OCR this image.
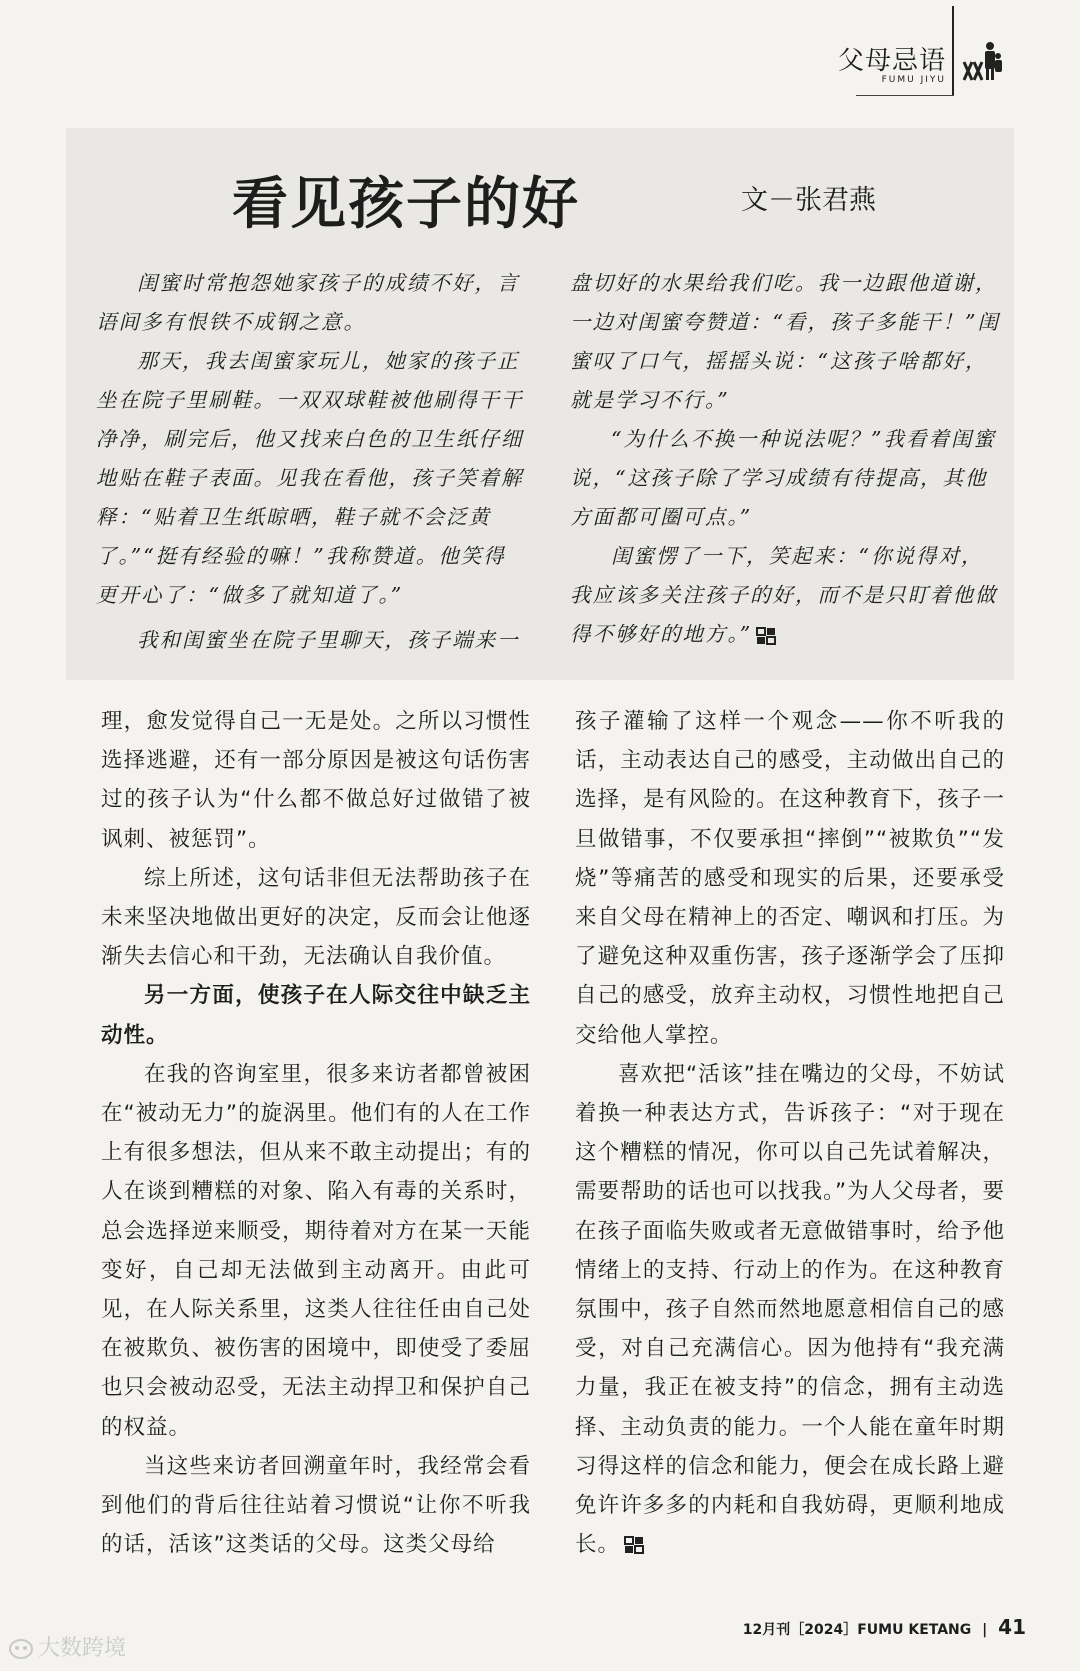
父母忌语
FUMU JIYU
看见孩子的好	文－张君燕

闺蜜时常抱怨她家孩子的成绩不好，言语间多有恨铁不成钢之意。

那天，我去闺蜜家玩儿，她家的孩子正坐在院子里刷鞋。一双双球鞋被他刷得干干净净，刷完后，他又找来白色的卫生纸仔细地贴在鞋子表面。见我在看他，孩子笑着解释：“贴着卫生纸晾晒，鞋子就不会泛黄了。”“挺有经验的嘛！”我称赞道。他笑得更开心了：“做多了就知道了。”

我和闺蜜坐在院子里聊天，孩子端来一

盘切好的水果给我们吃。我一边跟他道谢，一边对闺蜜夸赞道：“看，孩子多能干！”闺蜜叹了口气，摇摇头说：“这孩子啥都好，就是学习不行。”

“为什么不换一种说法呢？”我看着闺蜜说，“这孩子除了学习成绩有待提高，其他方面都可圈可点。”

闺蜜愣了一下，笑起来：“你说得对，我应该多关注孩子的好，而不是只盯着他做得不够好的地方。”

理，愈发觉得自己一无是处。之所以习惯性选择逃避，还有一部分原因是被这句话伤害过的孩子认为“什么都不做总好过做错了被讽刺、被惩罚”。

综上所述，这句话非但无法帮助孩子在未来坚决地做出更好的决定，反而会让他逐渐失去信心和干劲，无法确认自我价值。

另一方面，使孩子在人际交往中缺乏主动性。

在我的咨询室里，很多来访者都曾被困在“被动无力”的旋涡里。他们有的人在工作上有很多想法，但从来不敢主动提出；有的人在谈到糟糕的对象、陷入有毒的关系时，总会选择逆来顺受，期待着对方在某一天能变好，自己却无法做到主动离开。由此可见，在人际关系里，这类人往往任由自己处在被欺负、被伤害的困境中，即使受了委屈也只会被动忍受，无法主动捍卫和保护自己的权益。

当这些来访者回溯童年时，我经常会看到他们的背后往往站着习惯说“让你不听我的话，活该”这类话的父母。这类父母给

孩子灌输了这样一个观念——你不听我的话，主动表达自己的感受，主动做出自己的选择，是有风险的。在这种教育下，孩子一旦做错事，不仅要承担“摔倒”“被欺负”“发烧”等痛苦的感受和现实的后果，还要承受来自父母在精神上的否定、嘲讽和打压。为了避免这种双重伤害，孩子逐渐学会了压抑自己的感受，放弃主动权，习惯性地把自己交给他人掌控。

喜欢把“活该”挂在嘴边的父母，不妨试着换一种表达方式，告诉孩子：“对于现在这个糟糕的情况，你可以自己先试着解决，需要帮助的话也可以找我。”为人父母者，要在孩子面临失败或者无意做错事时，给予他情绪上的支持、行动上的作为。在这种教育氛围中，孩子自然而然地愿意相信自己的感受，对自己充满信心。因为他持有“我充满力量，我正在被支持”的信念，拥有主动选择、主动负责的能力。一个人能在童年时期习得这样的信念和能力，便会在成长路上避免许许多多的内耗和自我妨碍，更顺利地成长。

12月刊［2024］FUMU KETANG | 41
大数跨境
